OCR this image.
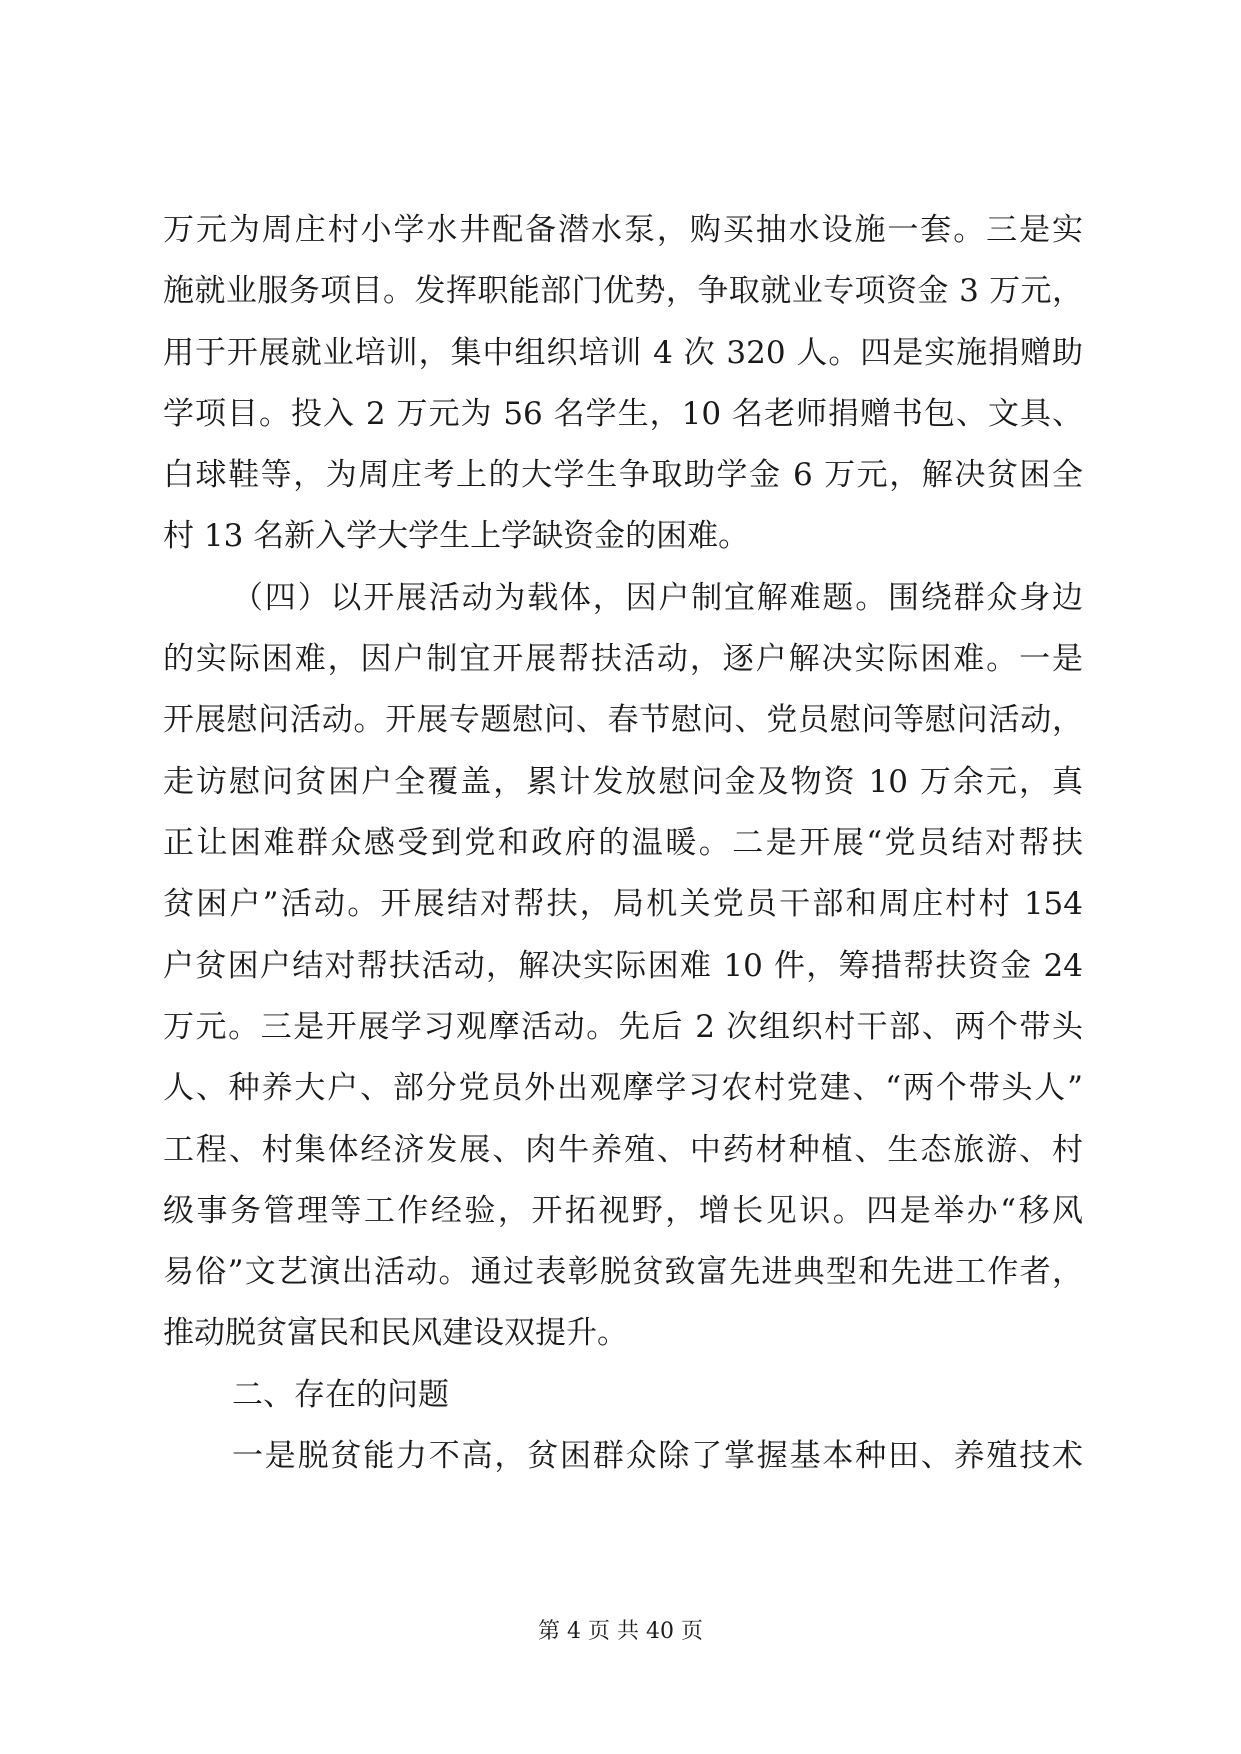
万元为周庄村小学水井配备潜水泵，购买抽水设施一套。三是实
施就业服务项目。发挥职能部门优势，争取就业专项资金 3 万元，
用于开展就业培训，集中组织培训 4 次 320 人。四是实施捐赠助
学项目。投入 2 万元为 56 名学生，10 名老师捐赠书包、文具、
白球鞋等，为周庄考上的大学生争取助学金 6 万元，解决贫困全
村 13 名新入学大学生上学缺资金的困难。
（四）以开展活动为载体，因户制宜解难题。围绕群众身边
的实际困难，因户制宜开展帮扶活动，逐户解决实际困难。一是
开展慰问活动。开展专题慰问、春节慰问、党员慰问等慰问活动，
走访慰问贫困户全覆盖，累计发放慰问金及物资 10 万余元，真
正让困难群众感受到党和政府的温暖。二是开展“党员结对帮扶
贫困户”活动。开展结对帮扶，局机关党员干部和周庄村村 154
户贫困户结对帮扶活动，解决实际困难 10 件，筹措帮扶资金 24
万元。三是开展学习观摩活动。先后 2 次组织村干部、两个带头
人、种养大户、部分党员外出观摩学习农村党建、“两个带头人”
工程、村集体经济发展、肉牛养殖、中药材种植、生态旅游、村
级事务管理等工作经验，开拓视野，增长见识。四是举办“移风
易俗”文艺演出活动。通过表彰脱贫致富先进典型和先进工作者，
推动脱贫富民和民风建设双提升。
二、存在的问题
一是脱贫能力不高，贫困群众除了掌握基本种田、养殖技术
第 4 页 共 40 页
